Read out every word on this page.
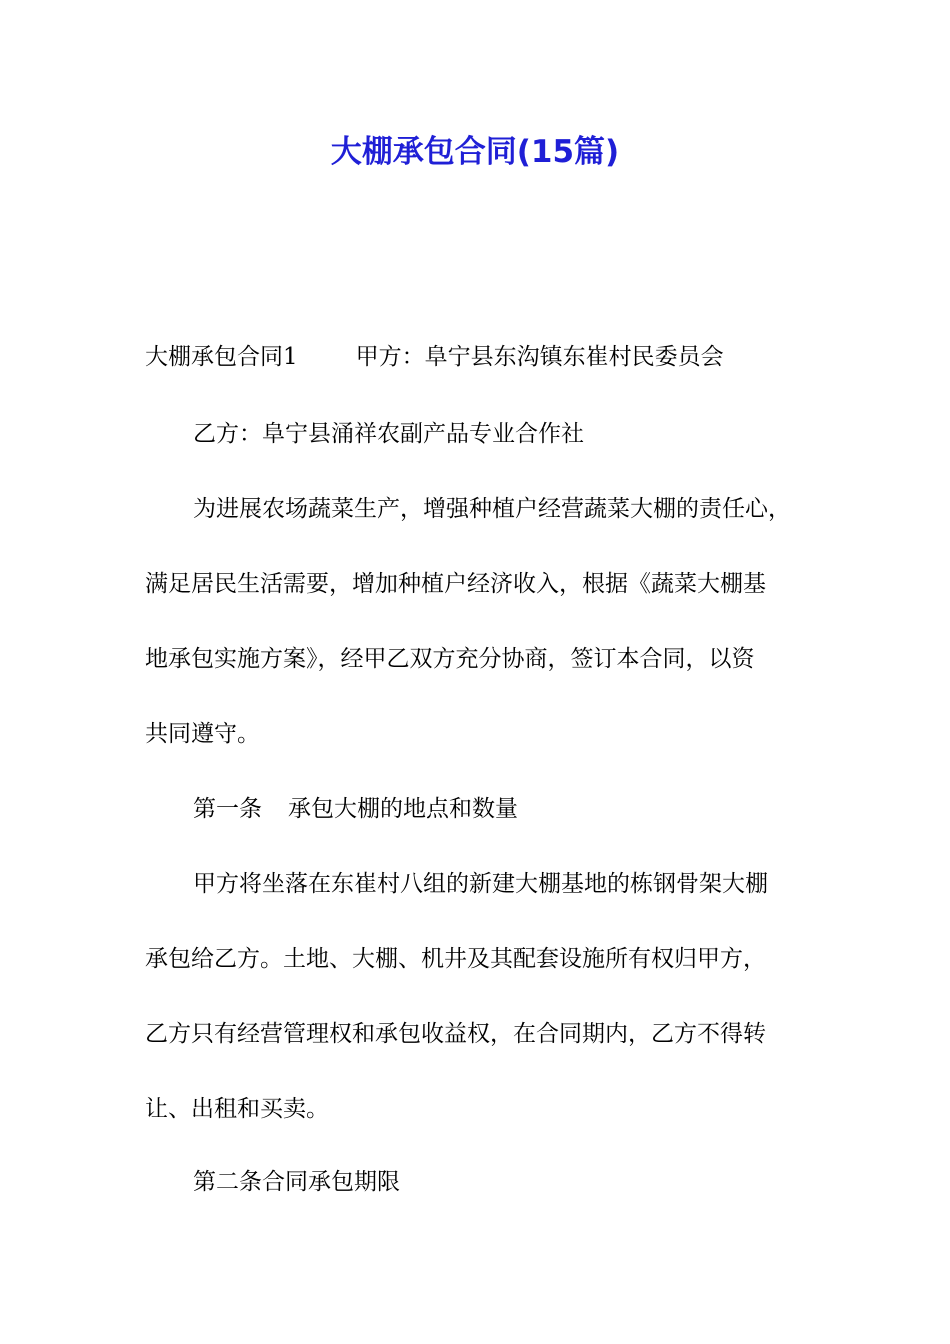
大棚承包合同(15篇)

大棚承包合同1	甲方：阜宁县东沟镇东崔村民委员会

乙方：阜宁县涌祥农副产品专业合作社

为进展农场蔬菜生产，增强种植户经营蔬菜大棚的责任心，

满足居民生活需要，增加种植户经济收入，根据《蔬菜大棚基

地承包实施方案》，经甲乙双方充分协商，签订本合同，以资

共同遵守。

第一条 承包大棚的地点和数量

甲方将坐落在东崔村八组的新建大棚基地的栋钢骨架大棚

承包给乙方。土地、大棚、机井及其配套设施所有权归甲方，

乙方只有经营管理权和承包收益权，在合同期内，乙方不得转

让、出租和买卖。

第二条合同承包期限
